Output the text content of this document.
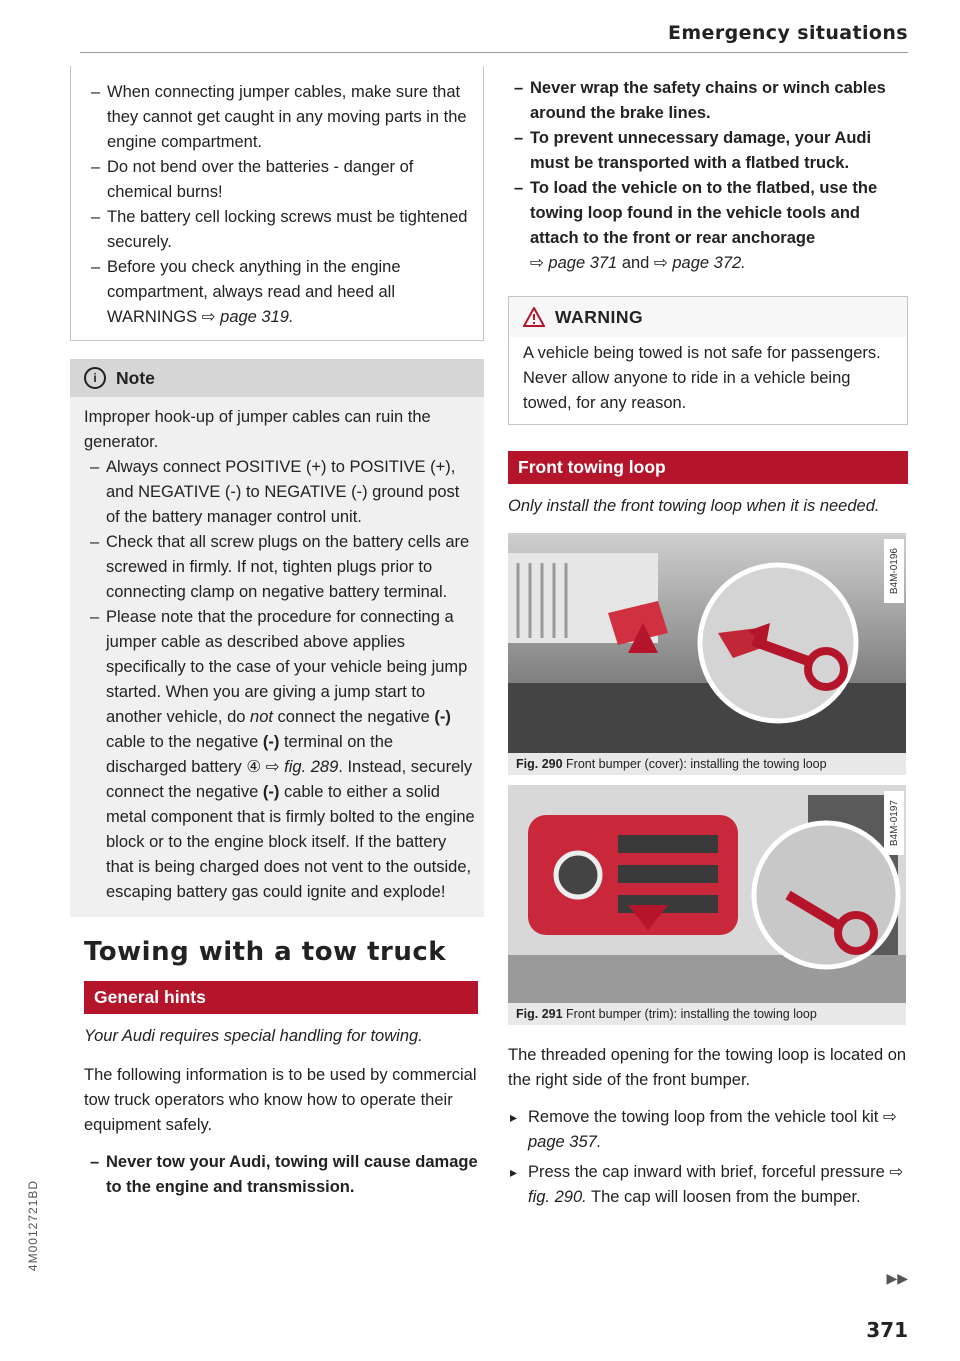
Emergency situations
– When connecting jumper cables, make sure that they cannot get caught in any moving parts in the engine compartment.
– Do not bend over the batteries - danger of chemical burns!
– The battery cell locking screws must be tightened securely.
– Before you check anything in the engine compartment, always read and heed all WARNINGS ⇨ page 319.
i	Note
Improper hook-up of jumper cables can ruin the generator.
– Always connect POSITIVE (+) to POSITIVE (+), and NEGATIVE (-) to NEGATIVE (-) ground post of the battery manager control unit.
– Check that all screw plugs on the battery cells are screwed in firmly. If not, tighten plugs prior to connecting clamp on negative battery terminal.
– Please note that the procedure for connecting a jumper cable as described above applies specifically to the case of your vehicle being jump started. When you are giving a jump start to another vehicle, do not connect the negative (-) cable to the negative (-) terminal on the discharged battery ④ ⇨ fig. 289. Instead, securely connect the negative (-) cable to either a solid metal component that is firmly bolted to the engine block or to the engine block itself. If the battery that is being charged does not vent to the outside, escaping battery gas could ignite and explode!
Towing with a tow truck
General hints
Your Audi requires special handling for towing.
The following information is to be used by commercial tow truck operators who know how to operate their equipment safely.
– Never tow your Audi, towing will cause damage to the engine and transmission.
– Never wrap the safety chains or winch cables around the brake lines.
– To prevent unnecessary damage, your Audi must be transported with a flatbed truck.
– To load the vehicle on to the flatbed, use the towing loop found in the vehicle tools and attach to the front or rear anchorage
⇨ page 371 and ⇨ page 372.
WARNING
A vehicle being towed is not safe for passengers. Never allow anyone to ride in a vehicle being towed, for any reason.
Front towing loop
Only install the front towing loop when it is needed.
B4M-0196
Fig. 290 Front bumper (cover): installing the towing loop
B4M-0197
Fig. 291 Front bumper (trim): installing the towing loop
The threaded opening for the towing loop is located on the right side of the front bumper.
▸ Remove the towing loop from the vehicle tool kit ⇨ page 357.
▸ Press the cap inward with brief, forceful pressure ⇨ fig. 290. The cap will loosen from the bumper.
▶▶
371
4M0012721BD
